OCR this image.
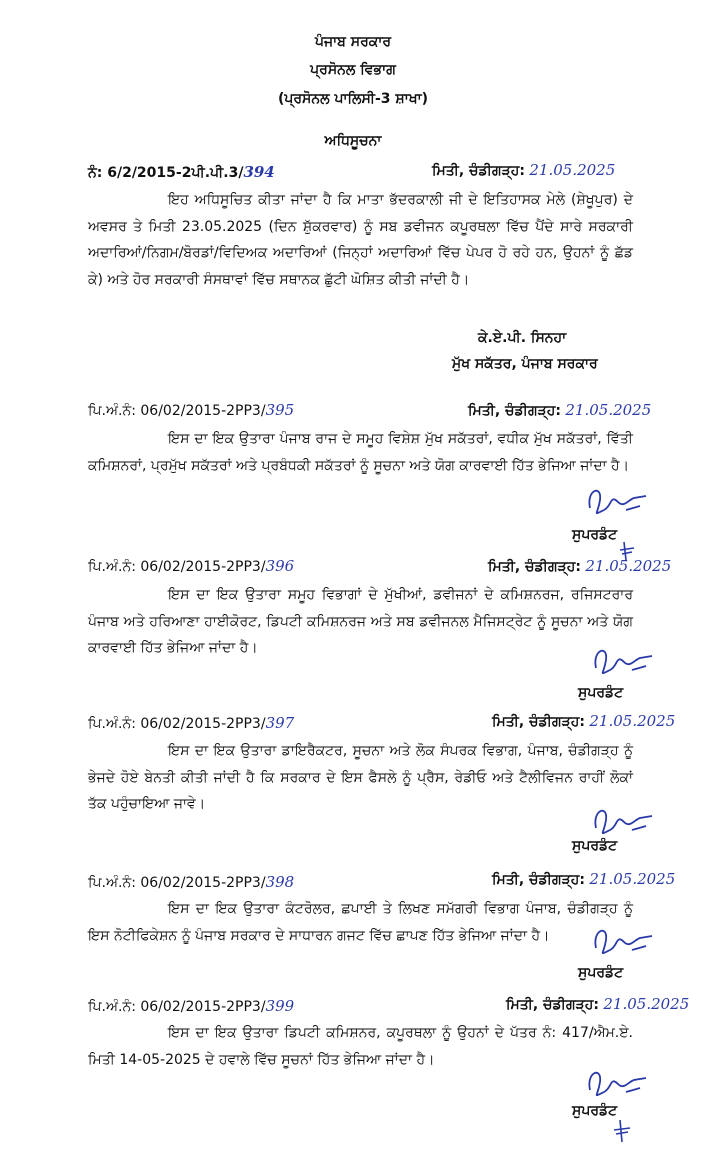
ਪੰਜਾਬ ਸਰਕਾਰ
ਪ੍ਰਸੋਨਲ ਵਿਭਾਗ
(ਪ੍ਰਸੋਨਲ ਪਾਲਿਸੀ-3 ਸ਼ਾਖਾ)
ਅਧਿਸੂਚਨਾ
ਨੰ: 6/2/2015-2ਪੀ.ਪੀ.3/394	ਮਿਤੀ, ਚੰਡੀਗੜ੍ਹ: 21.05.2025
ਇਹ ਅਧਿਸੂਚਿਤ ਕੀਤਾ ਜਾਂਦਾ ਹੈ ਕਿ ਮਾਤਾ ਭੱਦਰਕਾਲੀ ਜੀ ਦੇ ਇਤਿਹਾਸਕ ਮੇਲੇ (ਸ਼ੇਖੂਪੁਰ) ਦੇ ਅਵਸਰ ਤੇ ਮਿਤੀ 23.05.2025 (ਦਿਨ ਸ਼ੁੱਕਰਵਾਰ) ਨੂੰ ਸਬ ਡਵੀਜਨ ਕਪੂਰਥਲਾ ਵਿੱਚ ਪੈਂਦੇ ਸਾਰੇ ਸਰਕਾਰੀ ਅਦਾਰਿਆਂ/ਨਿਗਮ/ਬੋਰਡਾਂ/ਵਿਦਿਅਕ ਅਦਾਰਿਆਂ (ਜਿਨ੍ਹਾਂ ਅਦਾਰਿਆਂ ਵਿੱਚ ਪੇਪਰ ਹੋ ਰਹੇ ਹਨ, ਉਹਨਾਂ ਨੂੰ ਛੱਡ ਕੇ) ਅਤੇ ਹੋਰ ਸਰਕਾਰੀ ਸੰਸਥਾਵਾਂ ਵਿੱਚ ਸਥਾਨਕ ਛੁੱਟੀ ਘੋਸ਼ਿਤ ਕੀਤੀ ਜਾਂਦੀ ਹੈ।
ਕੇ.ਏ.ਪੀ. ਸਿਨਹਾ
ਮੁੱਖ ਸਕੱਤਰ, ਪੰਜਾਬ ਸਰਕਾਰ
ਪਿ.ਅੰ.ਨੰ: 06/02/2015-2PP3/395	ਮਿਤੀ, ਚੰਡੀਗੜ੍ਹ: 21.05.2025
ਇਸ ਦਾ ਇਕ ਉਤਾਰਾ ਪੰਜਾਬ ਰਾਜ ਦੇ ਸਮੂਹ ਵਿਸ਼ੇਸ਼ ਮੁੱਖ ਸਕੱਤਰਾਂ, ਵਧੀਕ ਮੁੱਖ ਸਕੱਤਰਾਂ, ਵਿੱਤੀ ਕਮਿਸ਼ਨਰਾਂ, ਪ੍ਰਮੁੱਖ ਸਕੱਤਰਾਂ ਅਤੇ ਪ੍ਰਬੰਧਕੀ ਸਕੱਤਰਾਂ ਨੂੰ ਸੂਚਨਾ ਅਤੇ ਯੋਗ ਕਾਰਵਾਈ ਹਿੱਤ ਭੇਜਿਆ ਜਾਂਦਾ ਹੈ।
ਸੁਪਰਡੰਟ
ਪਿ.ਅੰ.ਨੰ: 06/02/2015-2PP3/396	ਮਿਤੀ, ਚੰਡੀਗੜ੍ਹ: 21.05.2025
ਇਸ ਦਾ ਇਕ ਉਤਾਰਾ ਸਮੂਹ ਵਿਭਾਗਾਂ ਦੇ ਮੁੱਖੀਆਂ, ਡਵੀਜਨਾਂ ਦੇ ਕਮਿਸ਼ਨਰਜ, ਰਜਿਸਟਰਾਰ ਪੰਜਾਬ ਅਤੇ ਹਰਿਆਣਾ ਹਾਈਕੋਰਟ, ਡਿਪਟੀ ਕਮਿਸ਼ਨਰਜ ਅਤੇ ਸਬ ਡਵੀਜਨਲ ਮੈਜਿਸਟ੍ਰੇਟ ਨੂੰ ਸੂਚਨਾ ਅਤੇ ਯੋਗ ਕਾਰਵਾਈ ਹਿੱਤ ਭੇਜਿਆ ਜਾਂਦਾ ਹੈ।
ਸੁਪਰਡੰਟ
ਪਿ.ਅੰ.ਨੰ: 06/02/2015-2PP3/397	ਮਿਤੀ, ਚੰਡੀਗੜ੍ਹ: 21.05.2025
ਇਸ ਦਾ ਇਕ ਉਤਾਰਾ ਡਾਇਰੈਕਟਰ, ਸੂਚਨਾ ਅਤੇ ਲੋਕ ਸੰਪਰਕ ਵਿਭਾਗ, ਪੰਜਾਬ, ਚੰਡੀਗੜ੍ਹ ਨੂੰ ਭੇਜਦੇ ਹੋਏ ਬੇਨਤੀ ਕੀਤੀ ਜਾਂਦੀ ਹੈ ਕਿ ਸਰਕਾਰ ਦੇ ਇਸ ਫੈਸਲੇ ਨੂੰ ਪ੍ਰੈਸ, ਰੇਡੀਓ ਅਤੇ ਟੈਲੀਵਿਜਨ ਰਾਹੀਂ ਲੋਕਾਂ ਤੱਕ ਪਹੁੰਚਾਇਆ ਜਾਵੇ।
ਸੁਪਰਡੰਟ
ਪਿ.ਅੰ.ਨੰ: 06/02/2015-2PP3/398	ਮਿਤੀ, ਚੰਡੀਗੜ੍ਹ: 21.05.2025
ਇਸ ਦਾ ਇਕ ਉਤਾਰਾ ਕੰਟਰੋਲਰ, ਛਪਾਈ ਤੇ ਲਿਖਣ ਸਮੱਗਰੀ ਵਿਭਾਗ ਪੰਜਾਬ, ਚੰਡੀਗੜ੍ਹ ਨੂੰ ਇਸ ਨੋਟੀਫਿਕੇਸ਼ਨ ਨੂੰ ਪੰਜਾਬ ਸਰਕਾਰ ਦੇ ਸਾਧਾਰਨ ਗਜਟ ਵਿੱਚ ਛਾਪਣ ਹਿੱਤ ਭੇਜਿਆ ਜਾਂਦਾ ਹੈ।
ਸੁਪਰਡੰਟ
ਪਿ.ਅੰ.ਨੰ: 06/02/2015-2PP3/399	ਮਿਤੀ, ਚੰਡੀਗੜ੍ਹ: 21.05.2025
ਇਸ ਦਾ ਇਕ ਉਤਾਰਾ ਡਿਪਟੀ ਕਮਿਸ਼ਨਰ, ਕਪੂਰਥਲਾ ਨੂੰ ਉਹਨਾਂ ਦੇ ਪੱਤਰ ਨੰ: 417/ਐਮ.ਏ. ਮਿਤੀ 14-05-2025 ਦੇ ਹਵਾਲੇ ਵਿੱਚ ਸੂਚਨਾਂ ਹਿੱਤ ਭੇਜਿਆ ਜਾਂਦਾ ਹੈ।
ਸੁਪਰਡੰਟ
